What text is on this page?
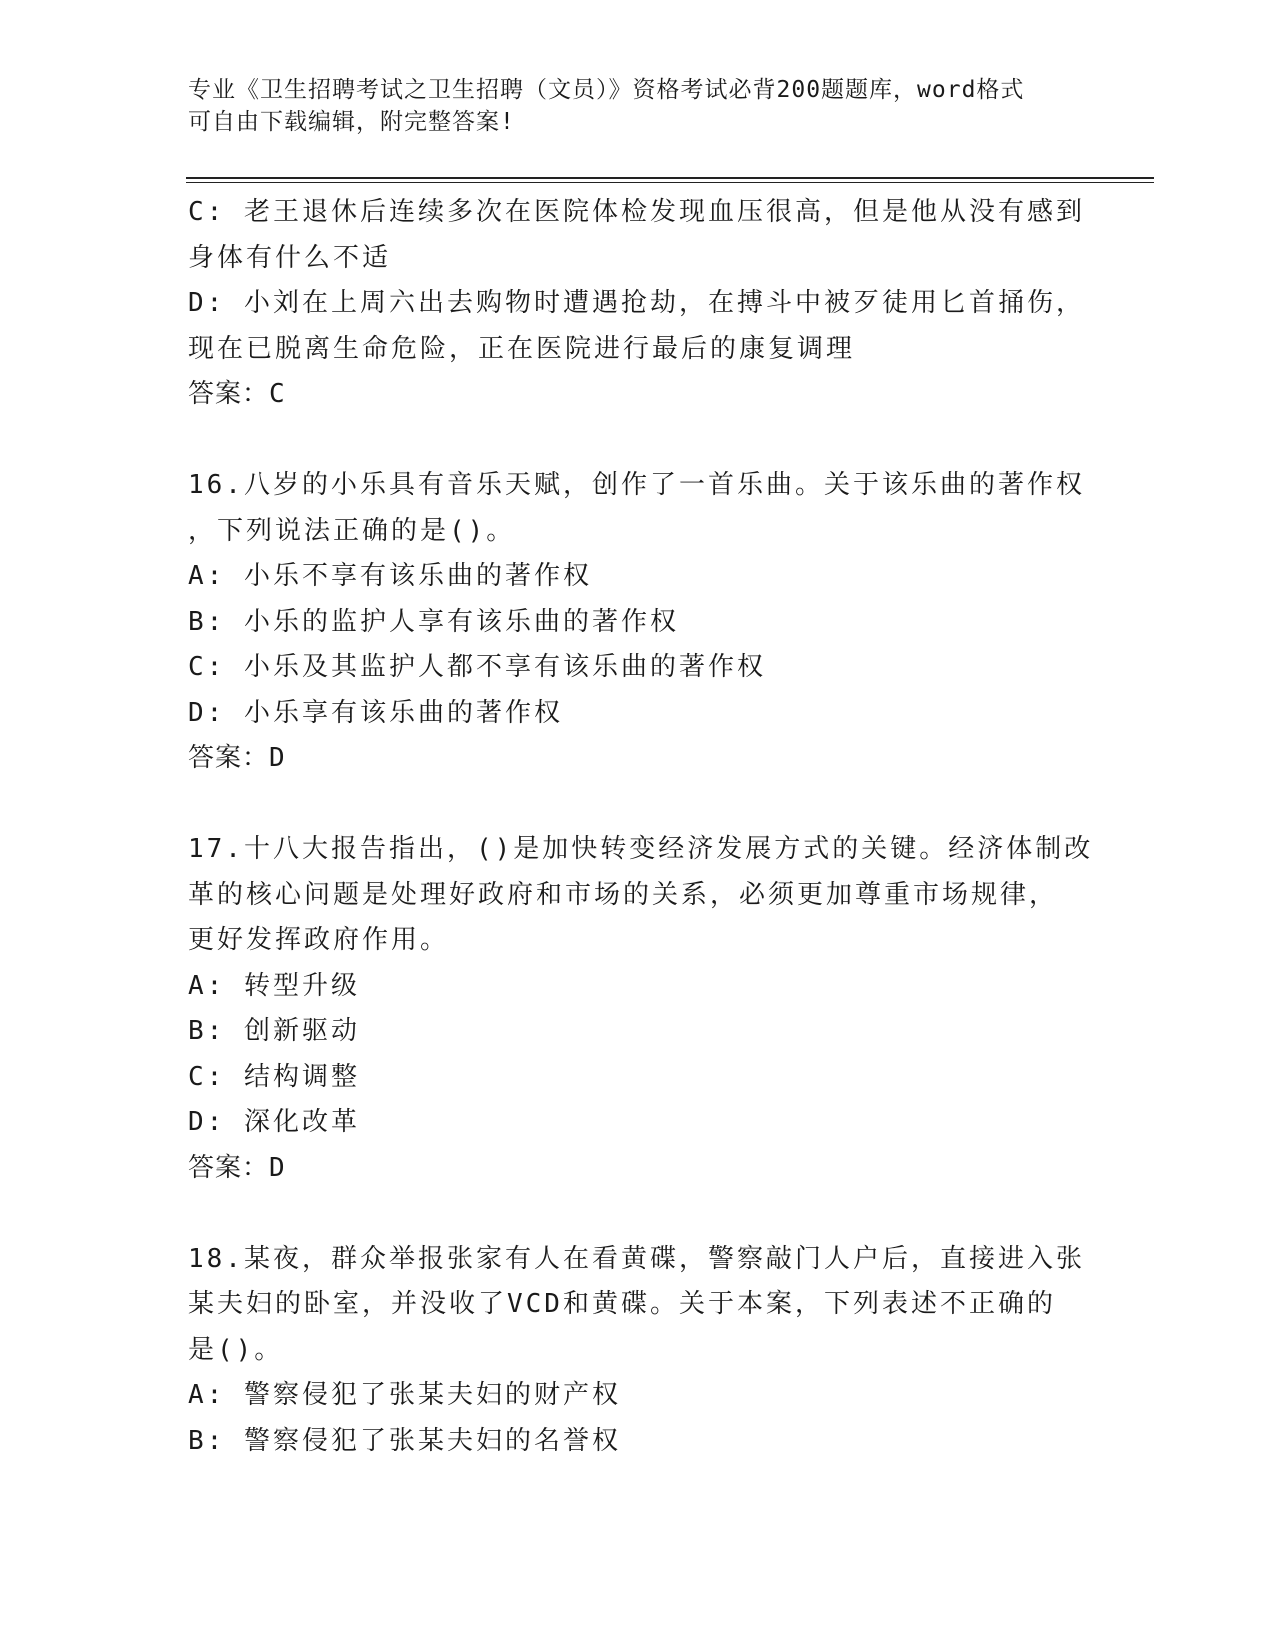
专业《卫生招聘考试之卫生招聘（文员）》资格考试必背200题题库，word格式
可自由下载编辑，附完整答案!
C: 老王退休后连续多次在医院体检发现血压很高，但是他从没有感到
身体有什么不适
D: 小刘在上周六出去购物时遭遇抢劫，在搏斗中被歹徒用匕首捅伤，
现在已脱离生命危险，正在医院进行最后的康复调理
答案：C
16.八岁的小乐具有音乐天赋，创作了一首乐曲。关于该乐曲的著作权
，下列说法正确的是()。
A: 小乐不享有该乐曲的著作权
B: 小乐的监护人享有该乐曲的著作权
C: 小乐及其监护人都不享有该乐曲的著作权
D: 小乐享有该乐曲的著作权
答案：D
17.十八大报告指出，()是加快转变经济发展方式的关键。经济体制改
革的核心问题是处理好政府和市场的关系，必须更加尊重市场规律，
更好发挥政府作用。
A: 转型升级
B: 创新驱动
C: 结构调整
D: 深化改革
答案：D
18.某夜，群众举报张家有人在看黄碟，警察敲门人户后，直接进入张
某夫妇的卧室，并没收了VCD和黄碟。关于本案，下列表述不正确的
是()。
A: 警察侵犯了张某夫妇的财产权
B: 警察侵犯了张某夫妇的名誉权
